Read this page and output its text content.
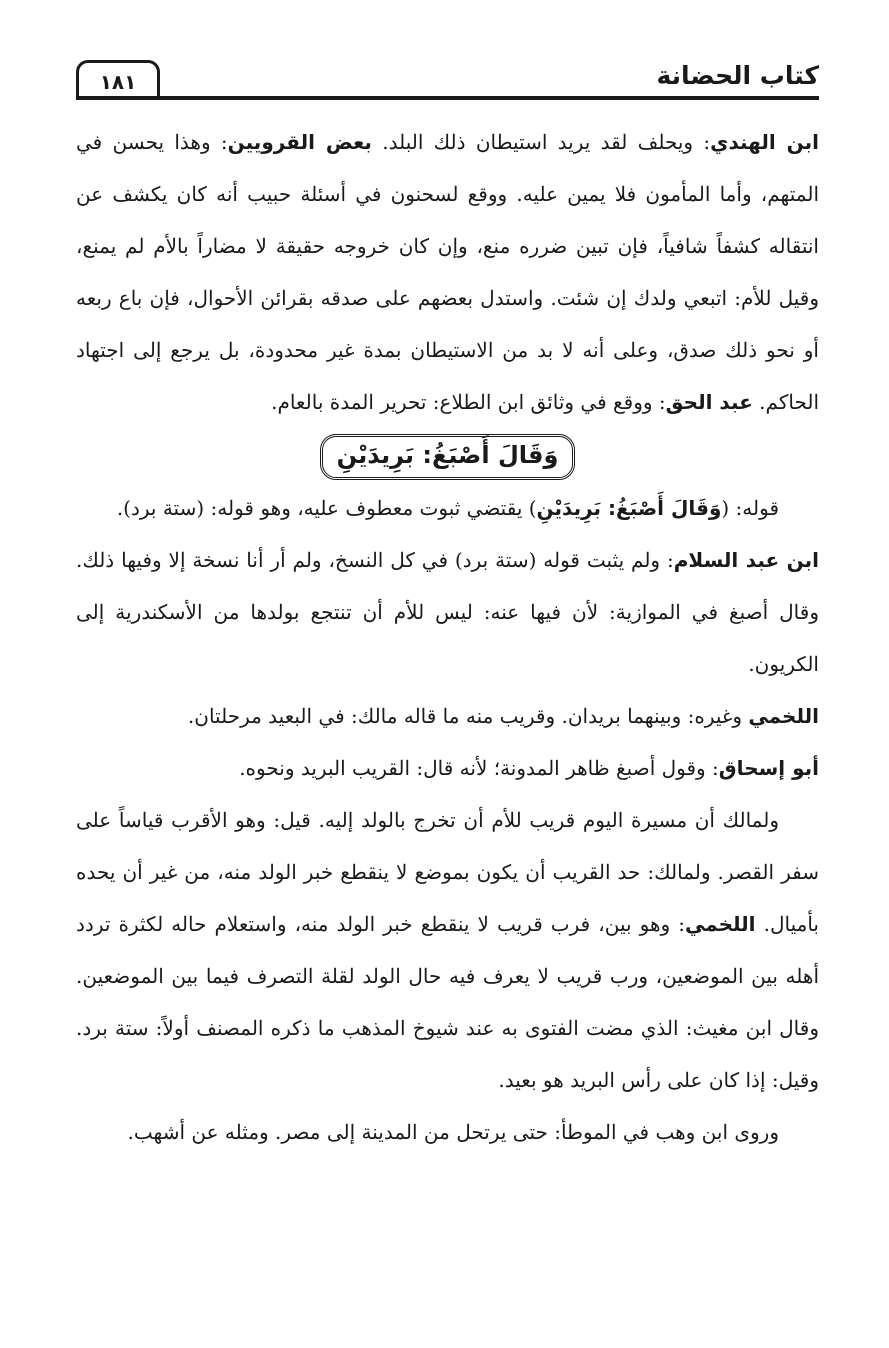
كتاب الحضانة
١٨١

ابن الهندي: ويحلف لقد يريد استيطان ذلك البلد. بعض القرويين: وهذا يحسن في المتهم، وأما المأمون فلا يمين عليه. ووقع لسحنون في أسئلة حبيب أنه كان يكشف عن انتقاله كشفاً شافياً، فإن تبين ضرره منع، وإن كان خروجه حقيقة لا مضاراً بالأم لم يمنع، وقيل للأم: اتبعي ولدك إن شئت. واستدل بعضهم على صدقه بقرائن الأحوال، فإن باع ربعه أو نحو ذلك صدق، وعلى أنه لا بد من الاستيطان بمدة غير محدودة، بل يرجع إلى اجتهاد الحاكم. عبد الحق: ووقع في وثائق ابن الطلاع: تحرير المدة بالعام.

وَقَالَ أَصْبَغُ: بَرِيدَيْنِ

قوله: (وَقَالَ أَصْبَغُ: بَرِيدَيْنِ) يقتضي ثبوت معطوف عليه، وهو قوله: (ستة برد).

ابن عبد السلام: ولم يثبت قوله (ستة برد) في كل النسخ، ولم أر أنا نسخة إلا وفيها ذلك. وقال أصبغ في الموازية: لأن فيها عنه: ليس للأم أن تنتجع بولدها من الأسكندرية إلى الكريون.

اللخمي وغيره: وبينهما بريدان. وقريب منه ما قاله مالك: في البعيد مرحلتان.

أبو إسحاق: وقول أصبغ ظاهر المدونة؛ لأنه قال: القريب البريد ونحوه.

ولمالك أن مسيرة اليوم قريب للأم أن تخرج بالولد إليه. قيل: وهو الأقرب قياساً على سفر القصر. ولمالك: حد القريب أن يكون بموضع لا ينقطع خبر الولد منه، من غير أن يحده بأميال. اللخمي: وهو بين، فرب قريب لا ينقطع خبر الولد منه، واستعلام حاله لكثرة تردد أهله بين الموضعين، ورب قريب لا يعرف فيه حال الولد لقلة التصرف فيما بين الموضعين. وقال ابن مغيث: الذي مضت الفتوى به عند شيوخ المذهب ما ذكره المصنف أولاً: ستة برد. وقيل: إذا كان على رأس البريد هو بعيد.

وروى ابن وهب في الموطأ: حتى يرتحل من المدينة إلى مصر. ومثله عن أشهب.
